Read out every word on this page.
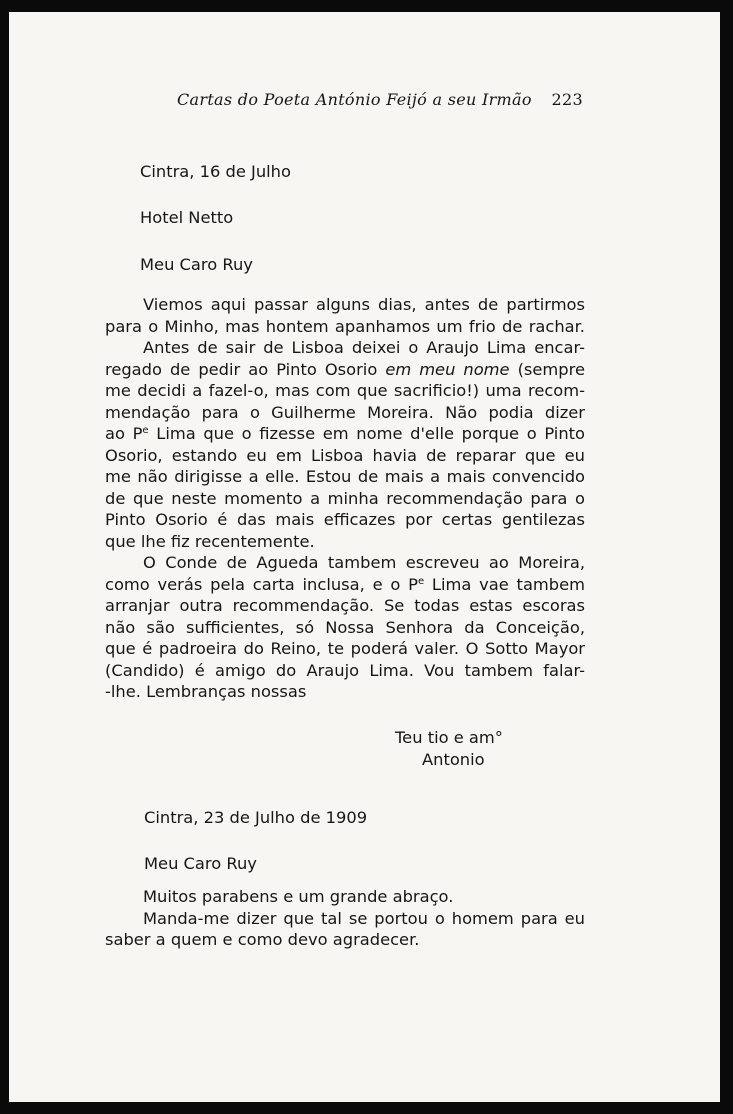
Cartas do Poeta António Feijó a seu Irmão 223
Cintra, 16 de Julho
Hotel Netto
Meu Caro Ruy
Viemos aqui passar alguns dias, antes de partirmos
para o Minho, mas hontem apanhamos um frio de rachar.
Antes de sair de Lisboa deixei o Araujo Lima encar-
regado de pedir ao Pinto Osorio em meu nome (sempre
me decidi a fazel-o, mas com que sacrificio!) uma recom-
mendação para o Guilherme Moreira. Não podia dizer
ao $P^e$ Lima que o fizesse em nome d'elle porque o Pinto
Osorio, estando eu em Lisboa havia de reparar que eu
me não dirigisse a elle. Estou de mais a mais convencido
de que neste momento a minha recommendação para o
Pinto Osorio é das mais efficazes por certas gentilezas
que lhe fiz recentemente.
O Conde de Agueda tambem escreveu ao Moreira,
como verás pela carta inclusa, e o $P^e$ Lima vae tambem
arranjar outra recommendação. Se todas estas escoras
não são sufficientes, só Nossa Senhora da Conceição,
que é padroeira do Reino, te poderá valer. O Sotto Mayor
(Candido) é amigo do Araujo Lima. Vou tambem falar-
-lhe. Lembranças nossas
Teu tio e am°
Antonio
Cintra, 23 de Julho de 1909
Meu Caro Ruy
Muitos parabens e um grande abraço.
Manda-me dizer que tal se portou o homem para eu
saber a quem e como devo agradecer.
